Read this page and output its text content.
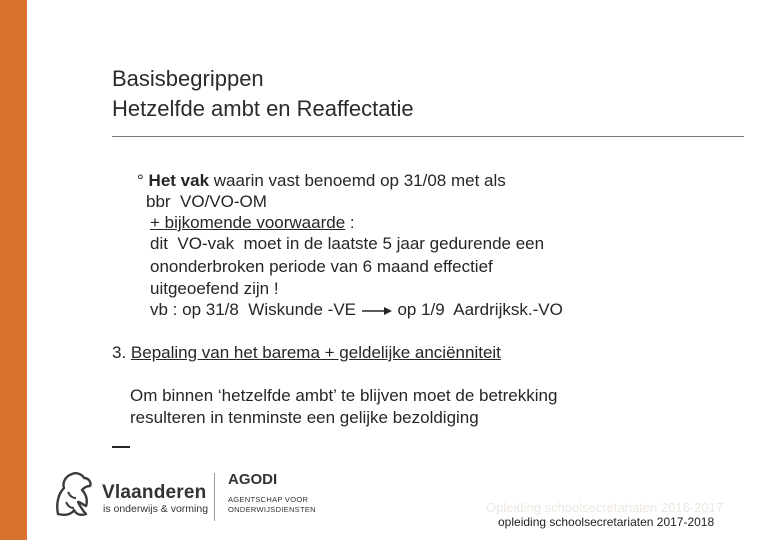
Basisbegrippen
Hetzelfde ambt en Reaffectatie
° Het vak waarin vast benoemd op 31/08 met als
bbr  VO/VO-OM
+ bijkomende voorwaarde :
dit  VO-vak  moet in de laatste 5 jaar gedurende een
ononderbroken periode van 6 maand effectief
uitgeoefend zijn !
vb : op 31/8  Wiskunde -VE  op 1/9  Aardrijksk.-VO
3. Bepaling van het barema + geldelijke anciënniteit
Om binnen ‘hetzelfde ambt’ te blijven moet de betrekking
resulteren in tenminste een gelijke bezoldiging
Vlaanderen
is onderwijs & vorming
AGODI
AGENTSCHAP VOOR
ONDERWIJSDIENSTEN	Opleiding schoolsecretariaten 2016-2017
opleiding schoolsecretariaten 2017-2018
